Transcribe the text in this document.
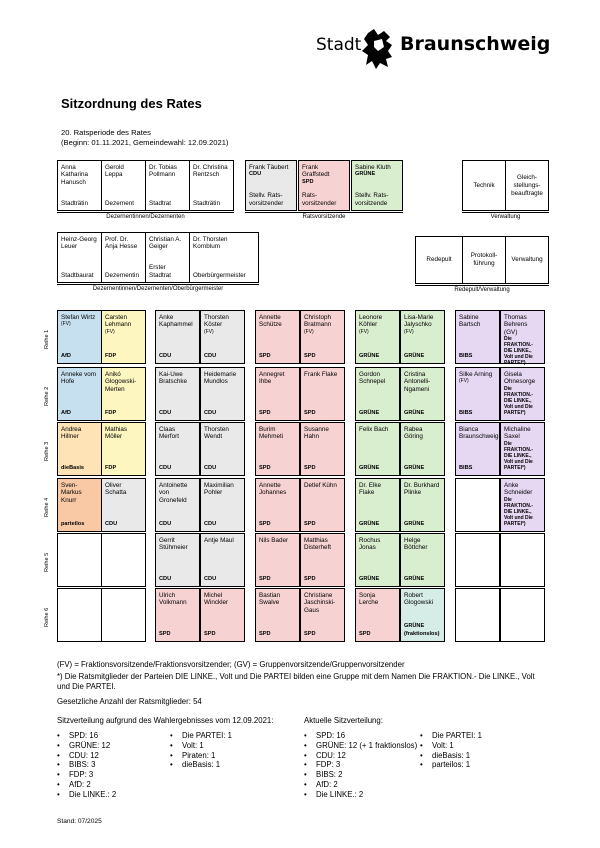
Stadt Braunschweig
Sitzordnung des Rates
20. Ratsperiode des Rates
(Beginn: 01.11.2021, Gemeindewahl: 12.09.2021)
Anna Katharina Hanusch
Stadträtin
Gerold Leppa
Dezernent
Dr. Tobias Pollmann
Stadtrat
Dr. Christina Rentzsch
Stadträtin
Dezernentinnen/Dezernenten
Frank Täubert
CDU
Stellv. Rats-vorsitzender
Frank Graffstedt
SPD
Rats-vorsitzender
Sabine Kluth
GRÜNE
Stellv. Rats-vorsitzende
Ratsvorsitzende
Technik
Gleich-stellungs-beauftragte
Verwaltung
Heinz-Georg Leuer
Stadtbaurat
Prof. Dr. Anja Hesse
Dezernentin
Christian A. Geiger
Erster Stadtrat
Dr. Thorsten Kornblum
Oberbürgermeister
Dezernentinnen/Dezernenten/Oberbürgermeister
Redepult
Protokoll-führung
Verwaltung
Redepult/Verwaltung
Reihe 1
Stefan Wirtz
(FV)
AfD
Carsten Lehmann
(FV)
FDP
Anke Kaphammel
CDU
Thorsten Köster
(FV)
CDU
Annette Schütze
SPD
Christoph Bratmann
(FV)
SPD
Leonore Köhler
(FV)
GRÜNE
Lisa-Marie Jalyschko
(FV)
GRÜNE
Sabine Bartsch
BIBS
Thomas Behrens (GV)
Die FRAKTION.- DIE LINKE., Volt und Die PARTEI*)
Reihe 2
Anneke vom Hofe
AfD
Anikó Glogowski-Merten
FDP
Kai-Uwe Bratschke
CDU
Heidemarie Mundlos
CDU
Annegret Ihbe
SPD
Frank Flake
SPD
Gordon Schnepel
GRÜNE
Cristina Antonelli-Ngameni
GRÜNE
Silke Arning
(FV)
BIBS
Gisela Ohnesorge
Die FRAKTION.- DIE LINKE., Volt und Die PARTEI*)
Reihe 3
Andrea Hillner
dieBasis
Mathias Möller
FDP
Claas Merfort
CDU
Thorsten Wendt
CDU
Burim Mehmeti
SPD
Susanne Hahn
SPD
Felix Bach
GRÜNE
Rabea Göring
GRÜNE
Bianca Braunschweig
BIBS
Michaline Saxel
Die FRAKTION.- DIE LINKE., Volt und Die PARTEI*)
Reihe 4
Sven-Markus Knurr
parteilos
Oliver Schatta
CDU
Antoinette von Gronefeld
CDU
Maximilian Pohler
CDU
Annette Johannes
SPD
Detlef Kühn
SPD
Dr. Elke Flake
GRÜNE
Dr. Burkhard Plinke
GRÜNE
Anke Schneider
Die FRAKTION.- DIE LINKE., Volt und Die PARTEI*)
Reihe 5
Gerrit Stühmeier
CDU
Antje Maul
CDU
Nils Bader
SPD
Matthias Disterheft
SPD
Rochus Jonas
GRÜNE
Helge Böttcher
GRÜNE
Reihe 6
Ulrich Volkmann
SPD
Michel Winckler
SPD
Bastian Swalve
SPD
Christiane Jaschinski-Gaus
SPD
Sonja Lerche
SPD
Robert Glogowski
GRÜNE (fraktionslos)
(FV) = Fraktionsvorsitzende/Fraktionsvorsitzender; (GV) = Gruppenvorsitzende/Gruppenvorsitzender
*) Die Ratsmitglieder der Parteien DIE LINKE., Volt und Die PARTEI bilden eine Gruppe mit dem Namen Die FRAKTION.- Die LINKE., Volt und Die PARTEI.
Gesetzliche Anzahl der Ratsmitglieder: 54
Sitzverteilung aufgrund des Wahlergebnisses vom 12.09.2021:
• SPD: 16
• GRÜNE: 12
• CDU: 12
• BIBS: 3
• FDP: 3
• AfD: 2
• Die LINKE.: 2
• Die PARTEI: 1
• Volt: 1
• Piraten: 1
• dieBasis: 1
Aktuelle Sitzverteilung:
• SPD: 16
• GRÜNE: 12 (+ 1 fraktionslos)
• CDU: 12
• FDP: 3
• BIBS: 2
• AfD: 2
• Die LINKE.: 2
• Die PARTEI: 1
• Volt: 1
• dieBasis: 1
• parteilos: 1
Stand: 07/2025
